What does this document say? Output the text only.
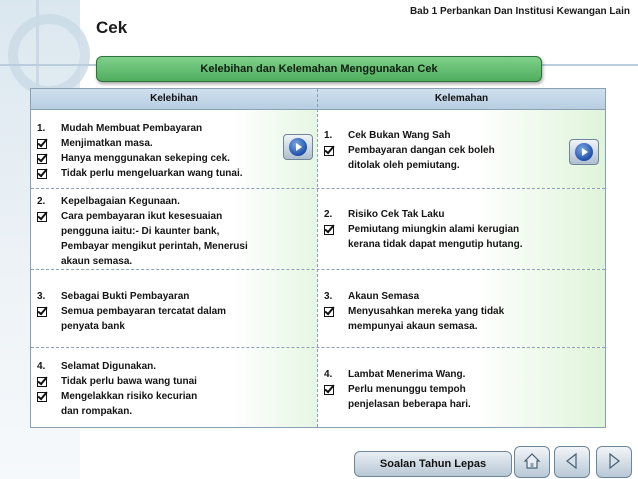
Bab 1 Perbankan Dan Institusi Kewangan Lain
Cek
Kelebihan dan Kelemahan Menggunakan Cek
Kelebihan	Kelemahan
1.	Mudah Membuat Pembayaran
Menjimatkan masa.
Hanya menggunakan sekeping cek.
Tidak perlu mengeluarkan wang tunai.
1.	Cek Bukan Wang Sah
Pembayaran dangan cek boleh
ditolak oleh pemiutang.
2.	Kepelbagaian Kegunaan.
Cara pembayaran ikut kesesuaian
pengguna iaitu:- Di kaunter bank,
Pembayar mengikut perintah, Menerusi
akaun semasa.
2.	Risiko Cek Tak Laku
Pemiutang miungkin alami kerugian
kerana tidak dapat mengutip hutang.
3.	Sebagai Bukti Pembayaran
Semua pembayaran tercatat dalam
penyata bank
3.	Akaun Semasa
Menyusahkan mereka yang tidak
mempunyai akaun semasa.
4.	Selamat Digunakan.
Tidak perlu bawa wang tunai
Mengelakkan risiko kecurian
dan rompakan.
4.	Lambat Menerima Wang.
Perlu menunggu tempoh
penjelasan beberapa hari.
Soalan Tahun Lepas
